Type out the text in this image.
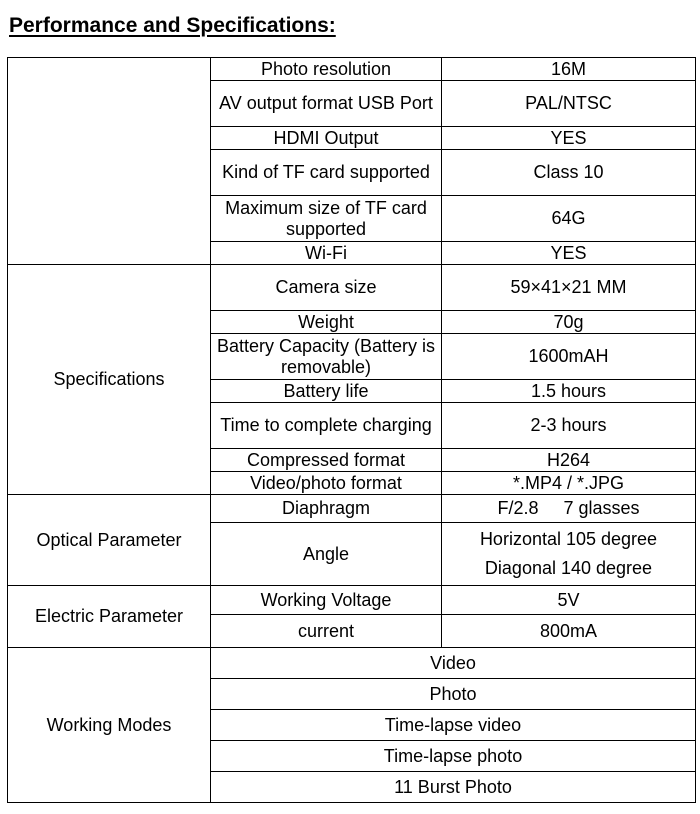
Performance and Specifications:
	Photo resolution	16M
	AV output format USB Port	PAL/NTSC
	HDMI Output	YES
	Kind of TF card supported	Class 10
	Maximum size of TF card supported	64G
	Wi-Fi	YES
Specifications	Camera size	59×41×21 MM
	Weight	70g
	Battery Capacity (Battery is removable)	1600mAH
	Battery life	1.5 hours
	Time to complete charging	2-3 hours
	Compressed format	H264
	Video/photo format	*.MP4 / *.JPG
Optical Parameter	Diaphragm	F/2.8     7 glasses
	Angle	Horizontal 105 degree
Diagonal 140 degree

Electric Parameter	Working Voltage	5V
	current	800mA
Working Modes	Video	
	Photo	
	Time-lapse video	
	Time-lapse photo	
	11 Burst Photo	
